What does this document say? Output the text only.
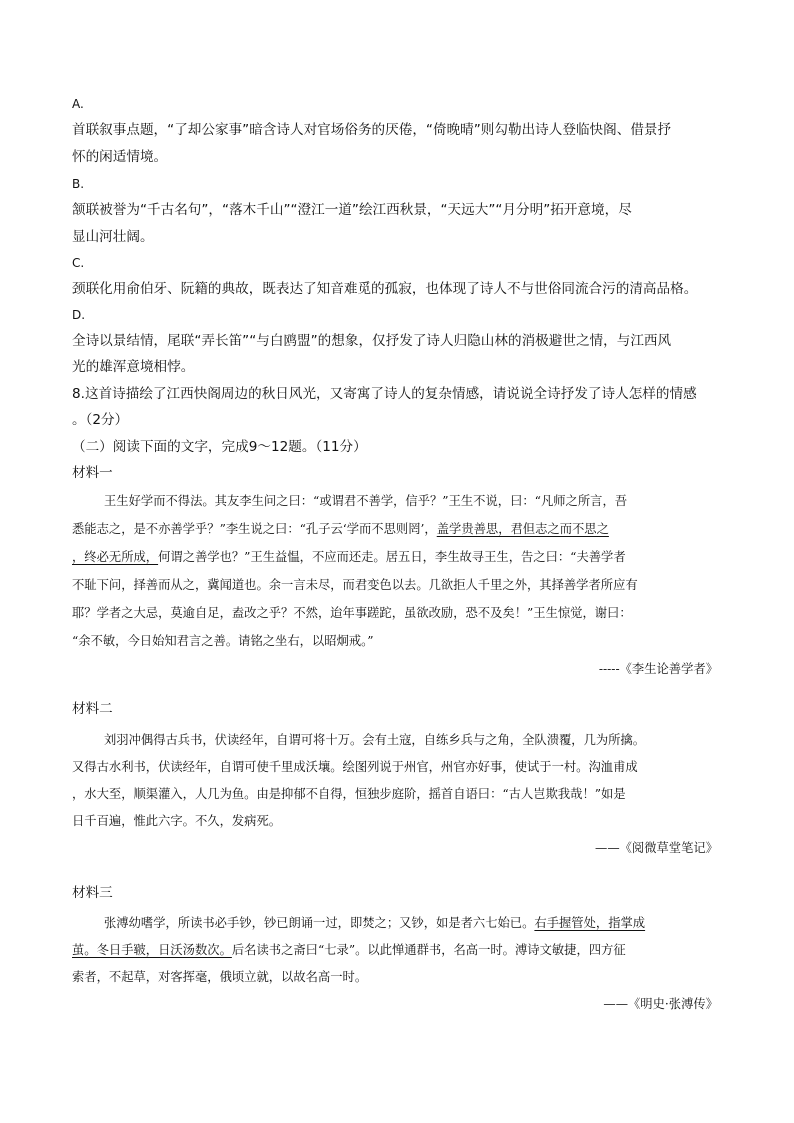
A.
首联叙事点题，“了却公家事”暗含诗人对官场俗务的厌倦，“倚晚晴”则勾勒出诗人登临快阁、借景抒
怀的闲适情境。
B.
颔联被誉为“千古名句”，“落木千山”“澄江一道”绘江西秋景，“天远大”“月分明”拓开意境，尽
显山河壮阔。
C.
颈联化用俞伯牙、阮籍的典故，既表达了知音难觅的孤寂，也体现了诗人不与世俗同流合污的清高品格。
D.
全诗以景结情，尾联“弄长笛”“与白鸥盟”的想象，仅抒发了诗人归隐山林的消极避世之情，与江西风
光的雄浑意境相悖。
8.这首诗描绘了江西快阁周边的秋日风光，又寄寓了诗人的复杂情感，请说说全诗抒发了诗人怎样的情感
。（2分）
（二）阅读下面的文字，完成9～12题。（11分）
材料一
王生好学而不得法。其友李生问之曰：“或谓君不善学，信乎？”王生不说，曰：“凡师之所言，吾
悉能志之，是不亦善学乎？”李生说之曰：“孔子云‘学而不思则罔’，盖学贵善思，君但志之而不思之
，终必无所成，何谓之善学也？”王生益愠，不应而还走。居五日，李生故寻王生，告之曰：“夫善学者
不耻下问，择善而从之，冀闻道也。余一言未尽，而君变色以去。几欲拒人千里之外，其择善学者所应有
耶？学者之大忌，莫逾自足，盍改之乎？不然，迨年事蹉跎，虽欲改励，恐不及矣！”王生惊觉，谢曰：
“余不敏，今日始知君言之善。请铭之坐右，以昭炯戒。”
-----《李生论善学者》
材料二
刘羽冲偶得古兵书，伏读经年，自谓可将十万。会有土寇，自练乡兵与之角，全队溃覆，几为所擒。
又得古水利书，伏读经年，自谓可使千里成沃壤。绘图列说于州官，州官亦好事，使试于一村。沟洫甫成
，水大至，顺渠灌入，人几为鱼。由是抑郁不自得，恒独步庭阶，摇首自语曰：“古人岂欺我哉！”如是
日千百遍，惟此六字。不久，发病死。
——《阅微草堂笔记》
材料三
张溥幼嗜学，所读书必手钞，钞已朗诵一过，即焚之；又钞，如是者六七始已。右手握管处，指掌成
茧。冬日手皲，日沃汤数次。后名读书之斋曰“七录”。以此惮通群书，名高一时。溥诗文敏捷，四方征
索者，不起草，对客挥毫，俄顷立就，以故名高一时。
——《明史·张溥传》
